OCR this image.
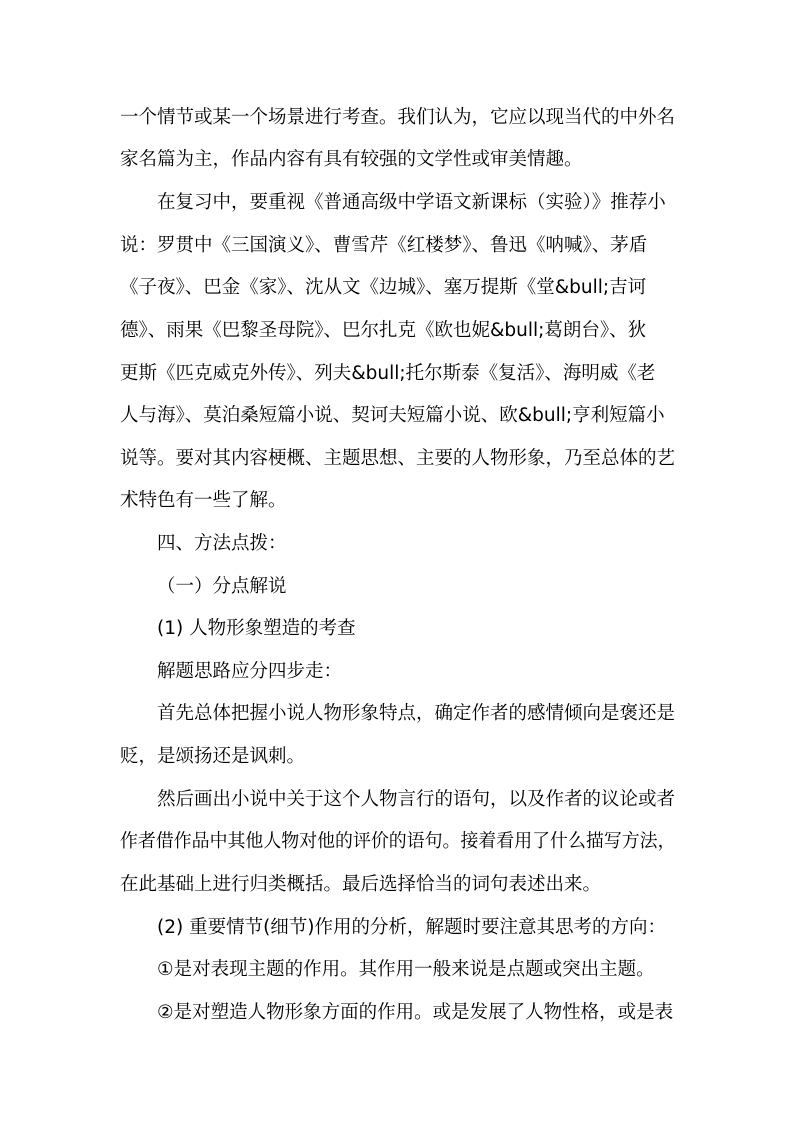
一个情节或某一个场景进行考查。我们认为，它应以现当代的中外名
家名篇为主，作品内容有具有较强的文学性或审美情趣。
在复习中，要重视《普通高级中学语文新课标（实验）》推荐小
说：罗贯中《三国演义》、曹雪芹《红楼梦》、鲁迅《呐喊》、茅盾
《子夜》、巴金《家》、沈从文《边城》、塞万提斯《堂&bull;吉诃
德》、雨果《巴黎圣母院》、巴尔扎克《欧也妮&bull;葛朗台》、狄
更斯《匹克威克外传》、列夫&bull;托尔斯泰《复活》、海明威《老
人与海》、莫泊桑短篇小说、契诃夫短篇小说、欧&bull;亨利短篇小
说等。要对其内容梗概、主题思想、主要的人物形象，乃至总体的艺
术特色有一些了解。
四、方法点拨：
（一）分点解说
(1) 人物形象塑造的考查
解题思路应分四步走：
首先总体把握小说人物形象特点，确定作者的感情倾向是褒还是
贬，是颂扬还是讽刺。
然后画出小说中关于这个人物言行的语句，以及作者的议论或者
作者借作品中其他人物对他的评价的语句。接着看用了什么描写方法，
在此基础上进行归类概括。最后选择恰当的词句表述出来。
(2) 重要情节(细节)作用的分析，解题时要注意其思考的方向：
①是对表现主题的作用。其作用一般来说是点题或突出主题。
②是对塑造人物形象方面的作用。或是发展了人物性格，或是表
